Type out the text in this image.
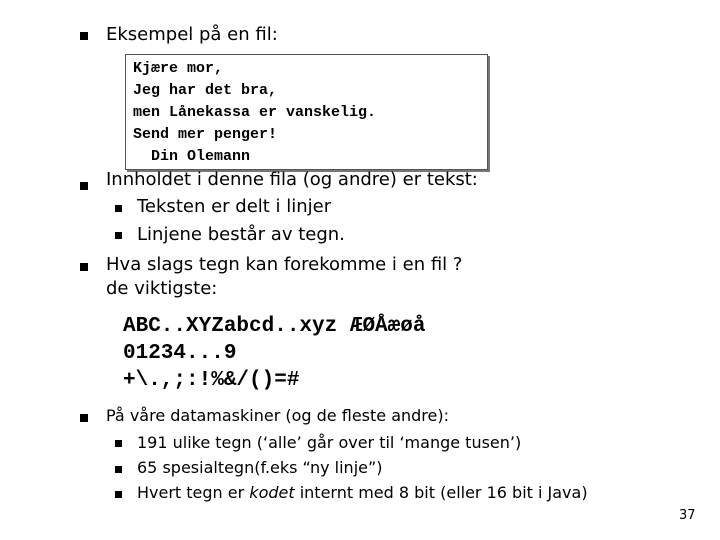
Eksempel på en fil:
Kjære mor,
Jeg har det bra,
men Lånekassa er vanskelig.
Send mer penger!
Din Olemann
Innholdet i denne fila (og andre) er tekst:
Teksten er delt i linjer
Linjene består av tegn.
Hva slags tegn kan forekomme i en fil ?
de viktigste:
ABC..XYZabcd..xyz ÆØÅæøå
01234...9
+\.,;:!%&/()=#
På våre datamaskiner (og de fleste andre):
191 ulike tegn (‘alle’ går over til ‘mange tusen’)
65 spesialtegn(f.eks “ny linje”)
Hvert tegn er kodet internt med 8 bit (eller 16 bit i Java)
37
